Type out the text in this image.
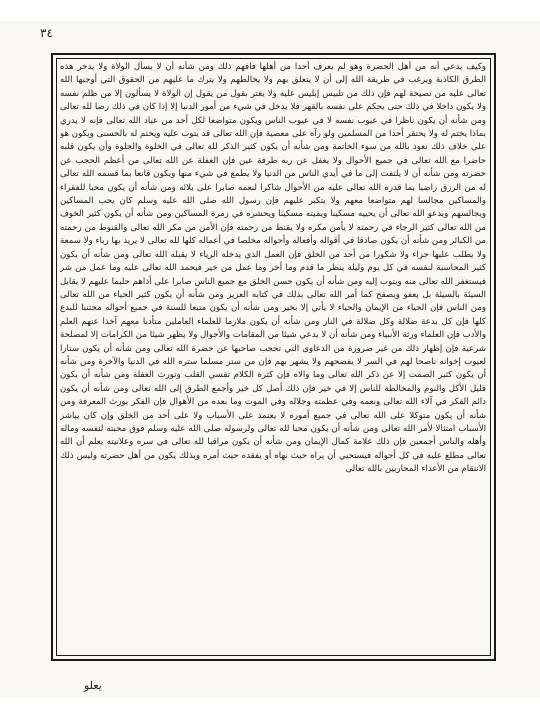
٣٤
يعلو
وكيف يدعي أنه من أهل الحضرة وهو لم يعرف أحدا من أهلها فافهم ذلك ومن شأنه أن لا يسأل الولاة ولا يدخر هذه الطرق الكاذبة ويرغب في طريقة الله إلى أن لا يتعلق بهم ولا يخالطهم ولا يترك ما عليهم من الحقوق التي أوجبها الله تعالى عليه من نصيحة لهم فإن ذلك من تلبيس إبليس عليه ولا يغتر بقول من يقول إن الولاة لا يسألون إلا من ظلم نفسه ولا يكون داخلا في ذلك حتى يحكم على نفسه بالقهر فلا يدخل في شيء من أمور الدنيا إلا إذا كان في ذلك رضا لله تعالى ومن شأنه أن يكون ناظرا في عيوب نفسه لا في عيوب الناس ويكون متواضعا لكل أحد من عباد الله تعالى فإنه لا يدري بماذا يختم له ولا يحتقر أحدا من المسلمين ولو رآه على معصية فإن الله تعالى قد يتوب عليه ويختم له بالحسنى ويكون هو على خلاف ذلك نعوذ بالله من سوء الخاتمة ومن شأنه أن يكون كثير الذكر لله تعالى في الخلوة والجلوة وأن يكون قلبه حاضرا مع الله تعالى في جميع الأحوال ولا يغفل عن ربه طرفة عين فإن الغفلة عن الله تعالى من أعظم الحجب عن حضرته ومن شأنه أن لا يلتفت إلى ما في أيدي الناس من الدنيا ولا يطمع في شيء منها ويكون قانعا بما قسمه الله تعالى له من الرزق راضيا بما قدره الله تعالى عليه من الأحوال شاكرا لنعمه صابرا على بلائه ومن شأنه أن يكون محبا للفقراء والمساكين مجالسا لهم متواضعا معهم ولا يتكبر عليهم فإن رسول الله صلى الله عليه وسلم كان يحب المساكين ويجالسهم ويدعو الله تعالى أن يحييه مسكينا ويميته مسكينا ويحشره في زمرة المساكين ومن شأنه أن يكون كثير الخوف من الله تعالى كثير الرجاء في رحمته لا يأمن مكره ولا يقنط من رحمته فإن الأمن من مكر الله تعالى والقنوط من رحمته من الكبائر ومن شأنه أن يكون صادقا في أقواله وأفعاله وأحواله مخلصا في أعماله كلها لله تعالى لا يريد بها رياء ولا سمعة ولا يطلب عليها جزاء ولا شكورا من أحد من الخلق فإن العمل الذي يدخله الرياء لا يقبله الله تعالى ومن شأنه أن يكون كثير المحاسبة لنفسه في كل يوم وليلة ينظر ما قدم وما أخر وما عمل من خير فيحمد الله تعالى عليه وما عمل من شر فيستغفر الله تعالى منه ويتوب إليه ومن شأنه أن يكون حسن الخلق مع جميع الناس صابرا على أذاهم حليما عليهم لا يقابل السيئة بالسيئة بل يعفو ويصفح كما أمر الله تعالى بذلك في كتابه العزيز ومن شأنه أن يكون كثير الحياء من الله تعالى ومن الناس فإن الحياء من الإيمان والحياء لا يأتي إلا بخير ومن شأنه أن يكون متبعا للسنة في جميع أحواله مجتنبا للبدع كلها فإن كل بدعة ضلالة وكل ضلالة في النار ومن شأنه أن يكون ملازما للعلماء العاملين متأدبا معهم آخذا عنهم العلم والأدب فإن العلماء ورثة الأنبياء ومن شأنه أن لا يدعي شيئا من المقامات والأحوال ولا يظهر شيئا من الكرامات إلا لمصلحة شرعية فإن إظهار ذلك من غير ضرورة من الدعاوى التي تحجب صاحبها عن حضرة الله تعالى ومن شأنه أن يكون ستارا لعيوب إخوانه ناصحا لهم في السر لا يفضحهم ولا يشهر بهم فإن من ستر مسلما ستره الله في الدنيا والآخرة ومن شأنه أن يكون كثير الصمت إلا عن ذكر الله تعالى وما والاه فإن كثرة الكلام تقسي القلب وتورث الغفلة ومن شأنه أن يكون قليل الأكل والنوم والمخالطة للناس إلا في خير فإن ذلك أصل كل خير وأجمع الطرق إلى الله تعالى ومن شأنه أن يكون دائم الفكر في آلاء الله تعالى ونعمه وفي عظمته وجلاله وفي الموت وما بعده من الأهوال فإن الفكر يورث المعرفة ومن شأنه أن يكون متوكلا على الله تعالى في جميع أموره لا يعتمد على الأسباب ولا على أحد من الخلق وإن كان يباشر الأسباب امتثالا لأمر الله تعالى ومن شأنه أن يكون محبا لله تعالى ولرسوله صلى الله عليه وسلم فوق محبته لنفسه وماله وأهله والناس أجمعين فإن ذلك علامة كمال الإيمان ومن شأنه أن يكون مراقبا لله تعالى في سره وعلانيته يعلم أن الله تعالى مطلع عليه في كل أحواله فيستحيي أن يراه حيث نهاه أو يفقده حيث أمره وبذلك يكون من أهل حضرته وليس ذلك الانتقام من الأعداء المحاربين بالله تعالى
